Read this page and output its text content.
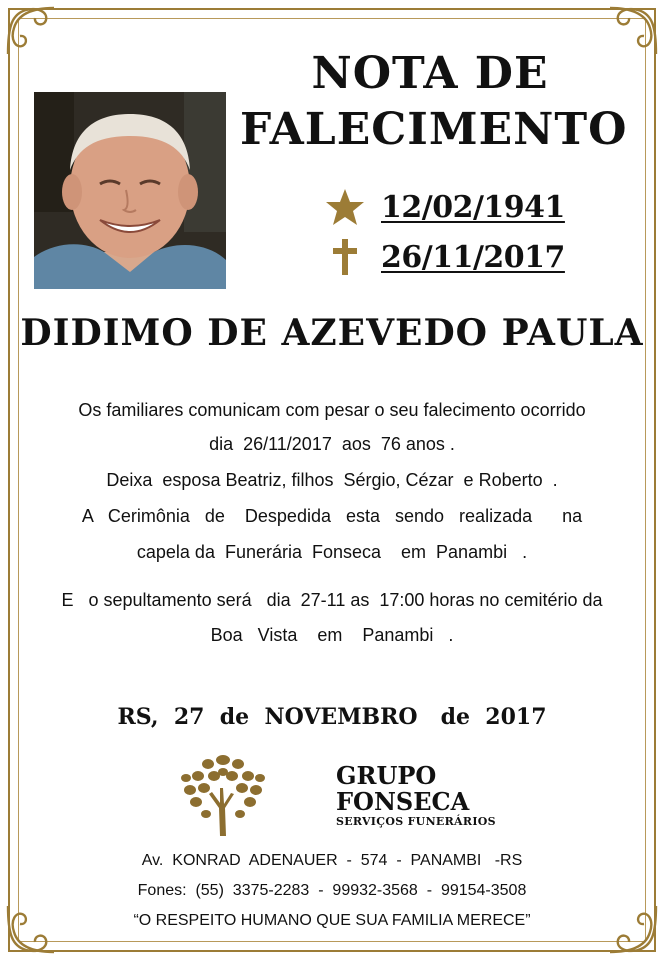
NOTA DE
FALECIMENTO
12/02/1941
26/11/2017
DIDIMO DE AZEVEDO PAULA
Os familiares comunicam com pesar o seu falecimento ocorrido
dia  26/11/2017  aos  76 anos .
Deixa  esposa Beatriz, filhos  Sérgio, Cézar  e Roberto  .
A   Cerimônia   de    Despedida   esta   sendo   realizada      na
capela da  Funerária  Fonseca    em  Panambi   .
E   o sepultamento será   dia  27-11 as  17:00 horas no cemitério da
Boa   Vista    em    Panambi   .
RS,  27  de  NOVEMBRO   de  2017
GRUPO
FONSECA
SERVIÇOS FUNERÁRIOS
Av.  KONRAD  ADENAUER  -  574  -  PANAMBI   -RS
Fones:  (55)  3375-2283  -  99932-3568  -  99154-3508
“O RESPEITO HUMANO QUE SUA FAMILIA MERECE”
